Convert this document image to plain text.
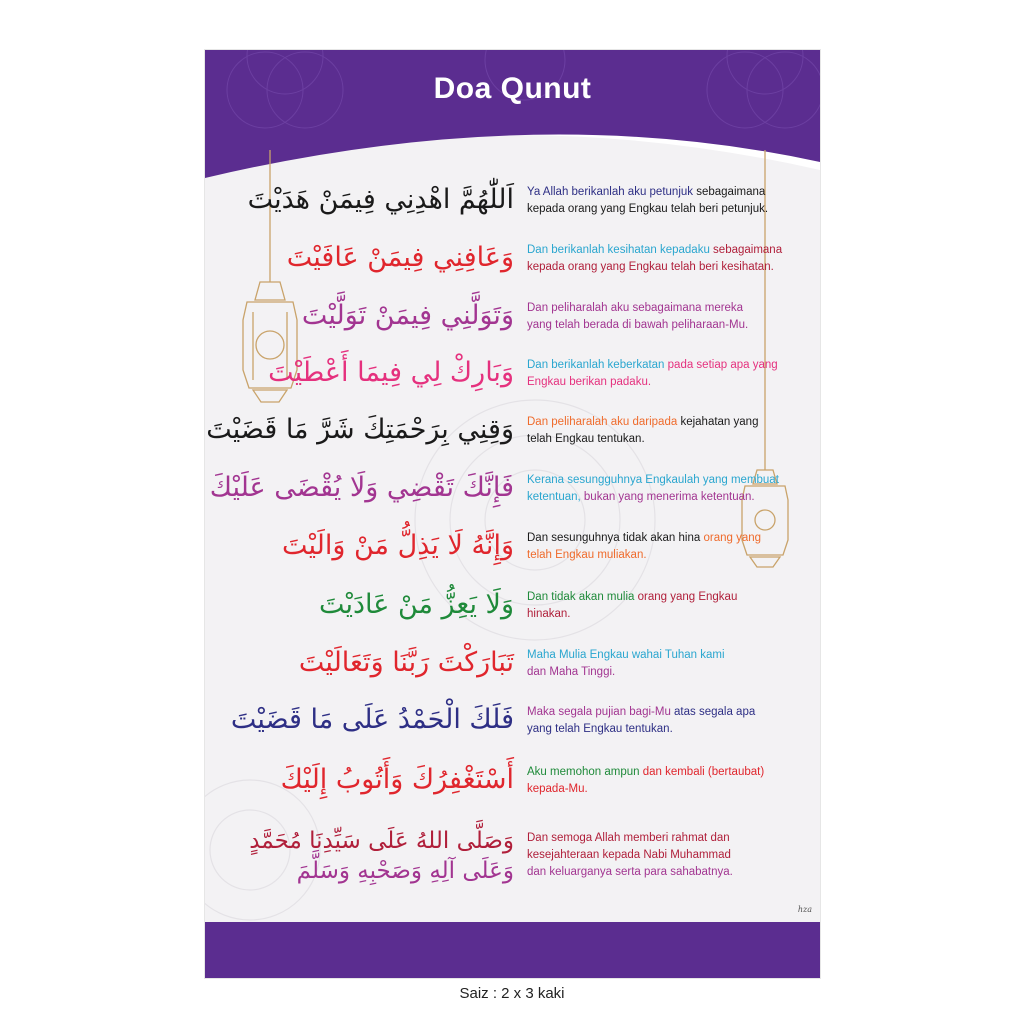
Doa Qunut
اَللّٰهُمَّ اهْدِنِي فِيمَنْ هَدَيْتَ Ya Allah berikanlah aku petunjuk sebagaimana
kepada orang yang Engkau telah beri petunjuk.
وَعَافِنِي فِيمَنْ عَافَيْتَ Dan berikanlah kesihatan kepadaku sebagaimana
kepada orang yang Engkau telah beri kesihatan.
وَتَوَلَّنِي فِيمَنْ تَوَلَّيْتَ Dan peliharalah aku sebagaimana mereka
yang telah berada di bawah peliharaan-Mu.
وَبَارِكْ لِي فِيمَا أَعْطَيْتَ Dan berikanlah keberkatan pada setiap apa yang
Engkau berikan padaku.
وَقِنِي بِرَحْمَتِكَ شَرَّ مَا قَضَيْتَ Dan peliharalah aku daripada kejahatan yang
telah Engkau tentukan.
فَإِنَّكَ تَقْضِي وَلَا يُقْضَى عَلَيْكَ Kerana sesungguhnya Engkaulah yang membuat
ketentuan, bukan yang menerima ketentuan.
وَإِنَّهُ لَا يَذِلُّ مَنْ وَالَيْتَ Dan sesunguhnya tidak akan hina orang yang
telah Engkau muliakan.
وَلَا يَعِزُّ مَنْ عَادَيْتَ Dan tidak akan mulia orang yang Engkau
hinakan.
تَبَارَكْتَ رَبَّنَا وَتَعَالَيْتَ Maha Mulia Engkau wahai Tuhan kami
dan Maha Tinggi.
فَلَكَ الْحَمْدُ عَلَى مَا قَضَيْتَ Maka segala pujian bagi-Mu atas segala apa
yang telah Engkau tentukan.
أَسْتَغْفِرُكَ وَأَتُوبُ إِلَيْكَ Aku memohon ampun dan kembali (bertaubat)
kepada-Mu.
وَصَلَّى اللهُ عَلَى سَيِّدِنَا مُحَمَّدٍ
وَعَلَى آلِهِ وَصَحْبِهِ وَسَلَّمَ
Dan semoga Allah memberi rahmat dan
kesejahteraan kepada Nabi Muhammad
dan keluarganya serta para sahabatnya.
hza
Saiz : 2 x 3 kaki
